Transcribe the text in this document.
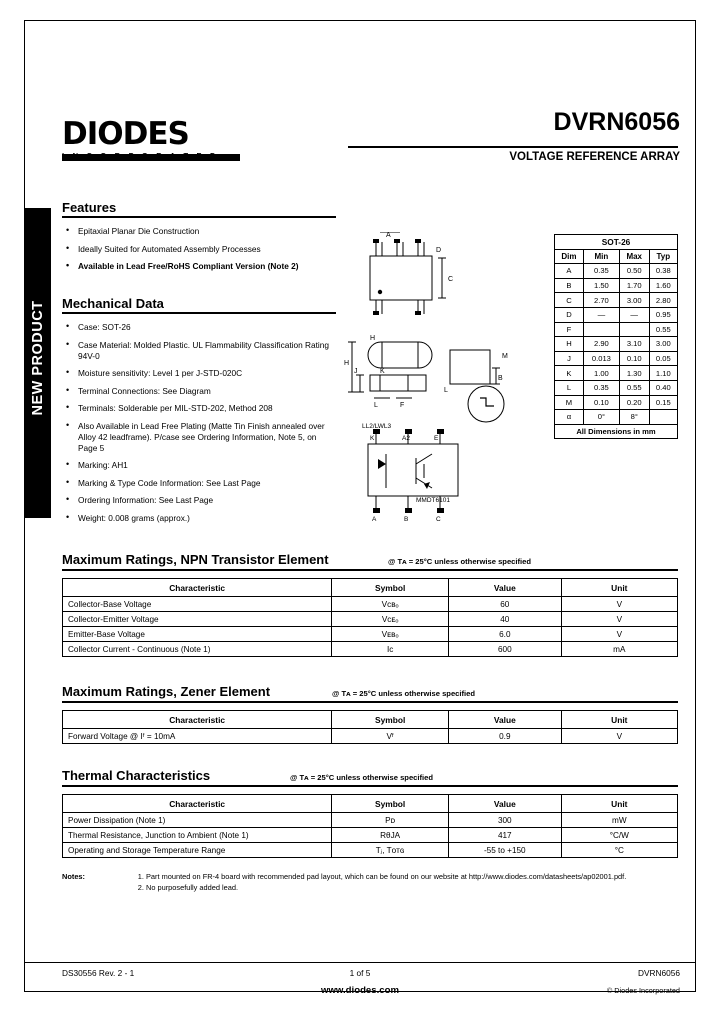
DIODES	DVRN6056
VOLTAGE REFERENCE ARRAY
NEW PRODUCT
Features
• Epitaxial Planar Die Construction
• Ideally Suited for Automated Assembly Processes
• Available in Lead Free/RoHS Compliant Version (Note 2)
Mechanical Data
• Case: SOT-26
• Case Material: Molded Plastic. UL Flammability Classification Rating 94V-0
• Moisture sensitivity: Level 1 per J-STD-020C
• Terminal Connections: See Diagram
• Terminals: Solderable per MIL-STD-202, Method 208
• Also Available in Lead Free Plating (Matte Tin Finish annealed over Alloy 42 leadframe). P/case see Ordering Information, Note 5, on Page 5
• Marking: AH1
• Marking & Type Code Information: See Last Page
• Ordering Information: See Last Page
• Weight: 0.008 grams (approx.)
A
D
C
H
H
J
L	F
K
M
B
L
K	A2	E
A	B	C
LL2/LWL3
MMDT6101
SOT-26			
Dim	Min	Max	Typ
A	0.35	0.50	0.38
B	1.50	1.70	1.60
C	2.70	3.00	2.80
D	—	—	0.95
F			0.55
H	2.90	3.10	3.00
J	0.013	0.10	0.05
K	1.00	1.30	1.10
L	0.35	0.55	0.40
M	0.10	0.20	0.15
α	0°	8°	
All Dimensions in mm			
Maximum Ratings, NPN Transistor Element	@ Tᴀ = 25°C unless otherwise specified
Characteristic	Symbol	Value	Unit
Collector-Base Voltage	Vᴄʙₒ	60	V
Collector-Emitter Voltage	Vᴄᴇₒ	40	V
Emitter-Base Voltage	Vᴇʙₒ	6.0	V
Collector Current - Continuous (Note 1)	Iᴄ	600	mA
Maximum Ratings, Zener Element	@ Tᴀ = 25°C unless otherwise specified
Characteristic	Symbol	Value	Unit
Forward Voltage @ Iᶠ = 10mA	Vᶠ	0.9	V
Thermal Characteristics	@ Tᴀ = 25°C unless otherwise specified
Characteristic	Symbol	Value	Unit
Power Dissipation (Note 1)	Pᴅ	300	mW
Thermal Resistance, Junction to Ambient (Note 1)	RθJA	417	°C/W
Operating and Storage Temperature Range	Tⱼ, Tᴏᴛɢ	-55 to +150	°C
Notes:	1. Part mounted on FR-4 board with recommended pad layout, which can be found on our website at http://www.diodes.com/datasheets/ap02001.pdf.
2. No purposefully added lead.
DS30556 Rev. 2 - 1	1 of 5	DVRN6056
www.diodes.com	© Diodes Incorporated
